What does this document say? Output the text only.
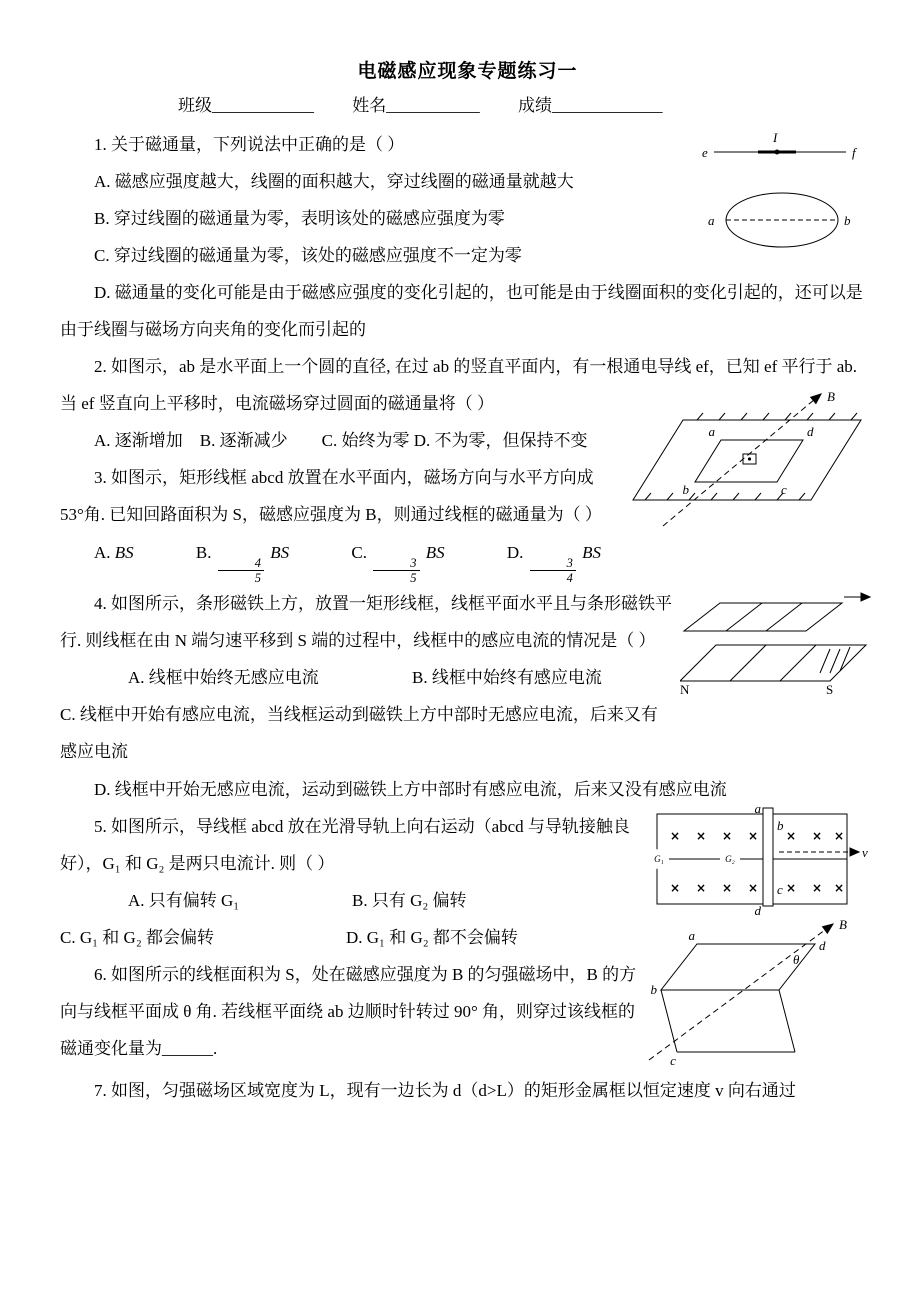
电磁感应现象专题练习一
班级____________ 姓名___________ 成绩_____________
e
I
f
a	b

1. 关于磁通量，下列说法中正确的是（ ）

A. 磁感应强度越大，线圈的面积越大，穿过线圈的磁通量就越大

B. 穿过线圈的磁通量为零，表明该处的磁感应强度为零

C. 穿过线圈的磁通量为零，该处的磁感应强度不一定为零

D. 磁通量的变化可能是由于磁感应强度的变化引起的，也可能是由于线圈面积的变化引起的，还可以是由于线圈与磁场方向夹角的变化而引起的

2. 如图示，ab 是水平面上一个圆的直径, 在过 ab 的竖直平面内，有一根通电导线 ef，已知 ef 平行于 ab. 当 ef 竖直向上平移时，电流磁场穿过圆面的磁通量将（ ）

a	d
b	c
B

A. 逐渐增加　B. 逐渐减少　　C. 始终为零 D. 不为零，但保持不变

3. 如图示，矩形线框 abcd 放置在水平面内，磁场方向与水平方向成 53°角. 已知回路面积为 S，磁感应强度为 B，则通过线框的磁通量为（ ）

A. BS	B.
$\frac{4}{5}$
BS	C.
$\frac{3}{5}$
BS	D.
$\frac{3}{4}$
BS

N	S

4. 如图所示，条形磁铁上方，放置一矩形线框，线框平面水平且与条形磁铁平行. 则线框在由 N 端匀速平移到 S 端的过程中，线框中的感应电流的情况是（ ）

A. 线框中始终无感应电流	B. 线框中始终有感应电流

C. 线框中开始有感应电流，当线框运动到磁铁上方中部时无感应电流，后来又有感应电流

D. 线框中开始无感应电流，运动到磁铁上方中部时有感应电流，后来又没有感应电流

× × × × × × ×
× × × × × × ×
G₁	G₂
a
b
c
d
v

5. 如图所示，导线框 abcd 放在光滑导轨上向右运动（abcd 与导轨接触良好），G₁ 和 G₂ 是两只电流计. 则（ ）

A. 只有偏转 G₁	B. 只有 G₂ 偏转

C. G₁ 和 G₂ 都会偏转	D. G₁ 和 G₂ 都不会偏转

B
θ
a
d
b
c

6. 如图所示的线框面积为 S，处在磁感应强度为 B 的匀强磁场中，B 的方向与线框平面成 θ 角. 若线框平面绕 ab 边顺时针转过 90° 角，则穿过该线框的磁通变化量为______.

7. 如图，匀强磁场区域宽度为 L，现有一边长为 d（d>L）的矩形金属框以恒定速度 v 向右通过
